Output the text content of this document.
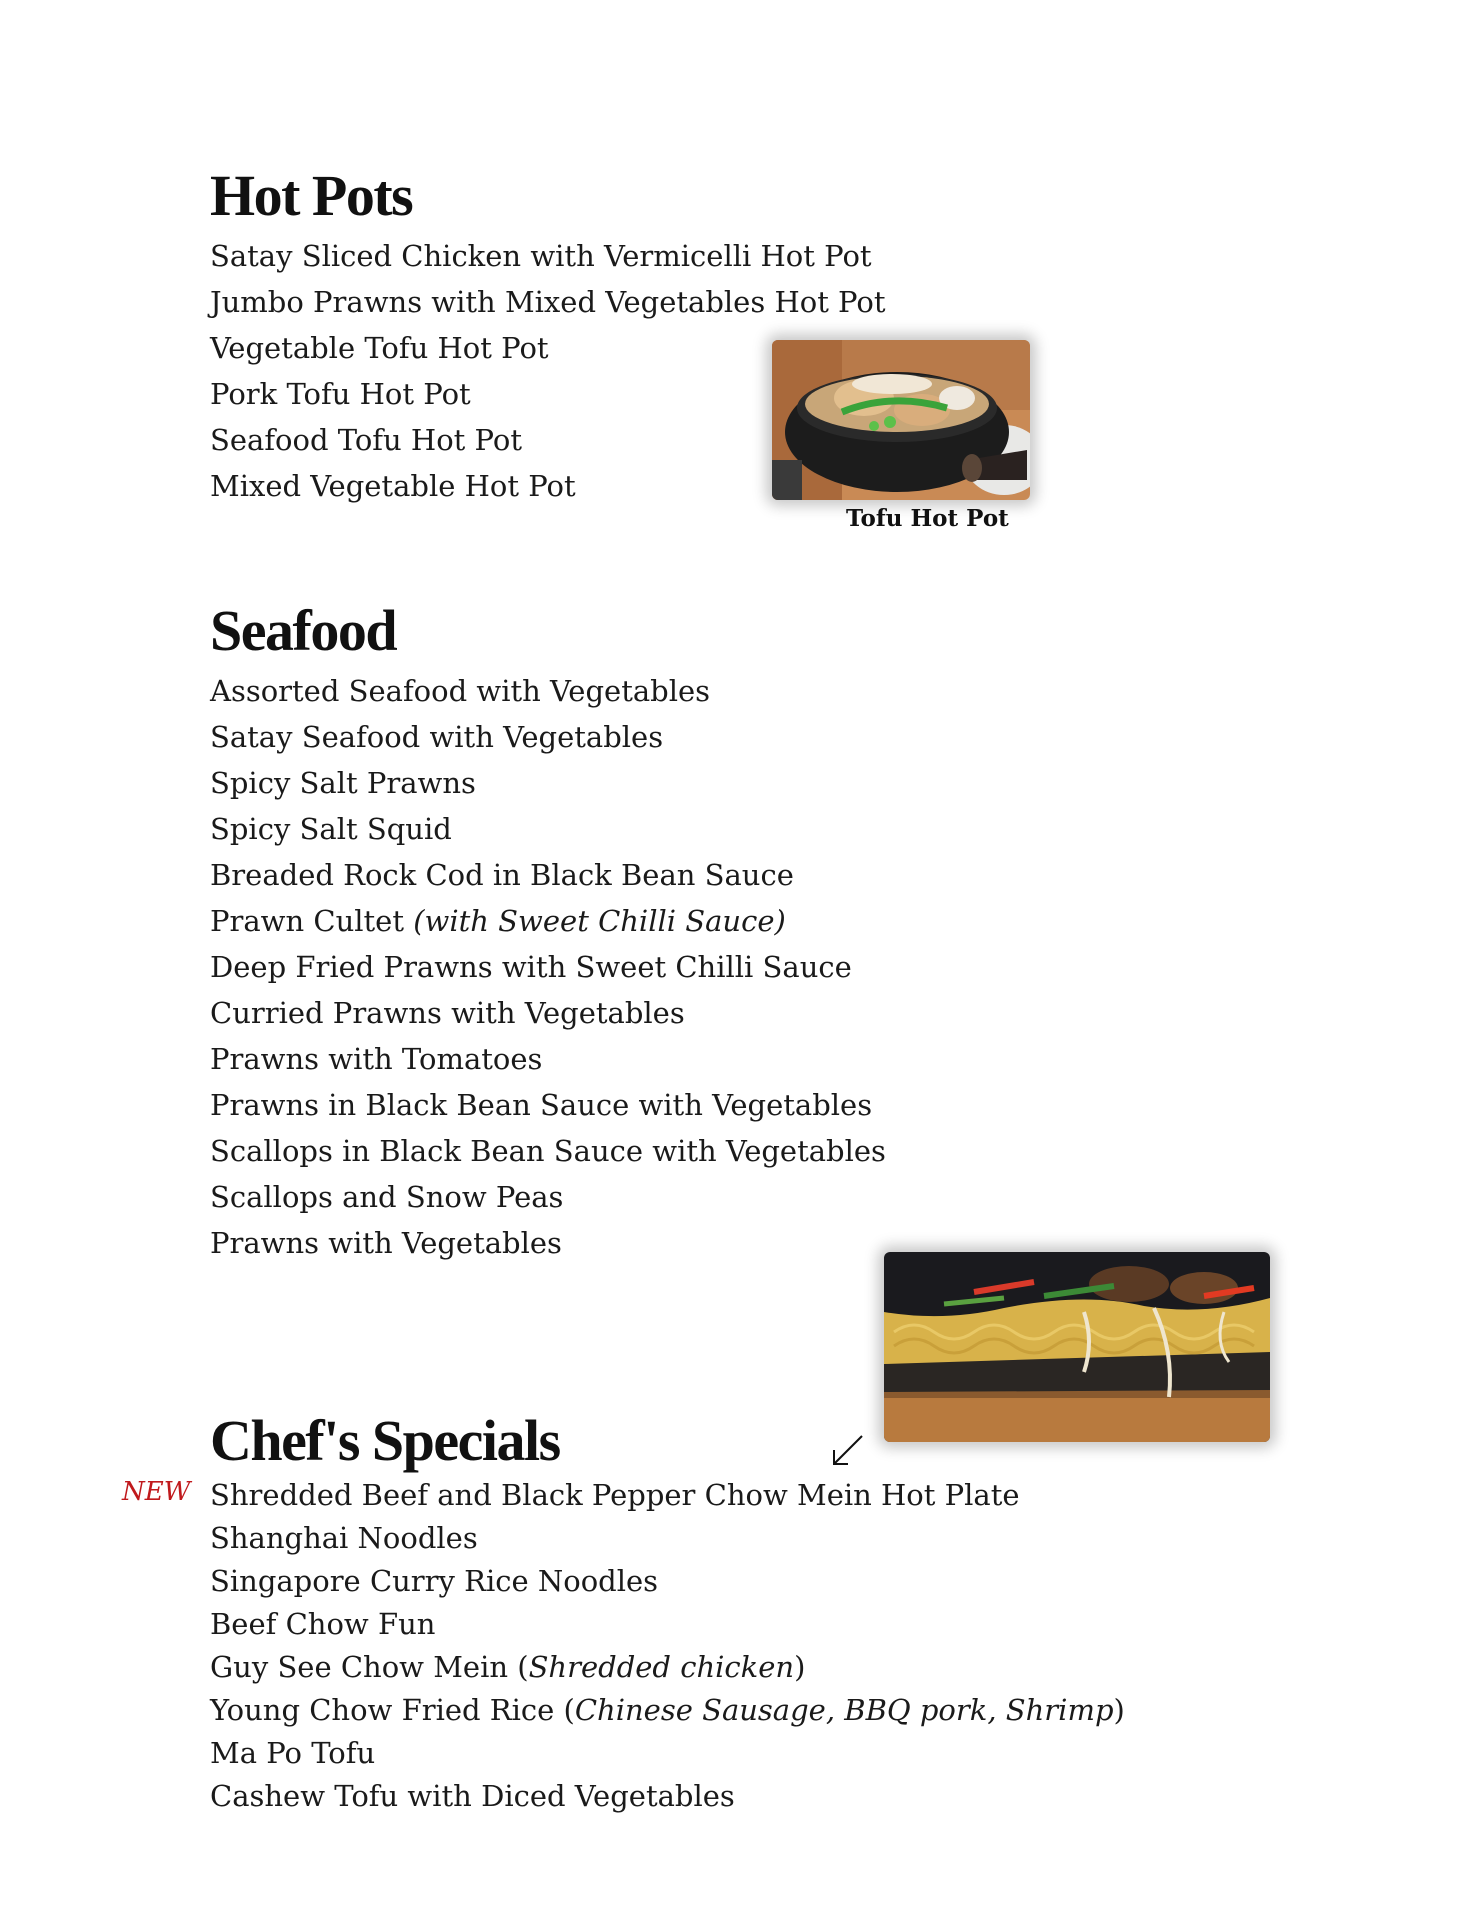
Hot Pots
Satay Sliced Chicken with Vermicelli Hot Pot
Jumbo Prawns with Mixed Vegetables Hot Pot
Vegetable Tofu Hot Pot
Pork Tofu Hot Pot
Seafood Tofu Hot Pot
Mixed Vegetable Hot Pot
Tofu Hot Pot
Seafood
Assorted Seafood with Vegetables
Satay Seafood with Vegetables
Spicy Salt Prawns
Spicy Salt Squid
Breaded Rock Cod in Black Bean Sauce
Prawn Cultet (with Sweet Chilli Sauce)
Deep Fried Prawns with Sweet Chilli Sauce
Curried Prawns with Vegetables
Prawns with Tomatoes
Prawns in Black Bean Sauce with Vegetables
Scallops in Black Bean Sauce with Vegetables
Scallops and Snow Peas
Prawns with Vegetables
Chef's Specials
NEW Shredded Beef and Black Pepper Chow Mein Hot Plate
Shanghai Noodles
Singapore Curry Rice Noodles
Beef Chow Fun
Guy See Chow Mein (Shredded chicken)
Young Chow Fried Rice (Chinese Sausage, BBQ pork, Shrimp)
Ma Po Tofu
Cashew Tofu with Diced Vegetables
